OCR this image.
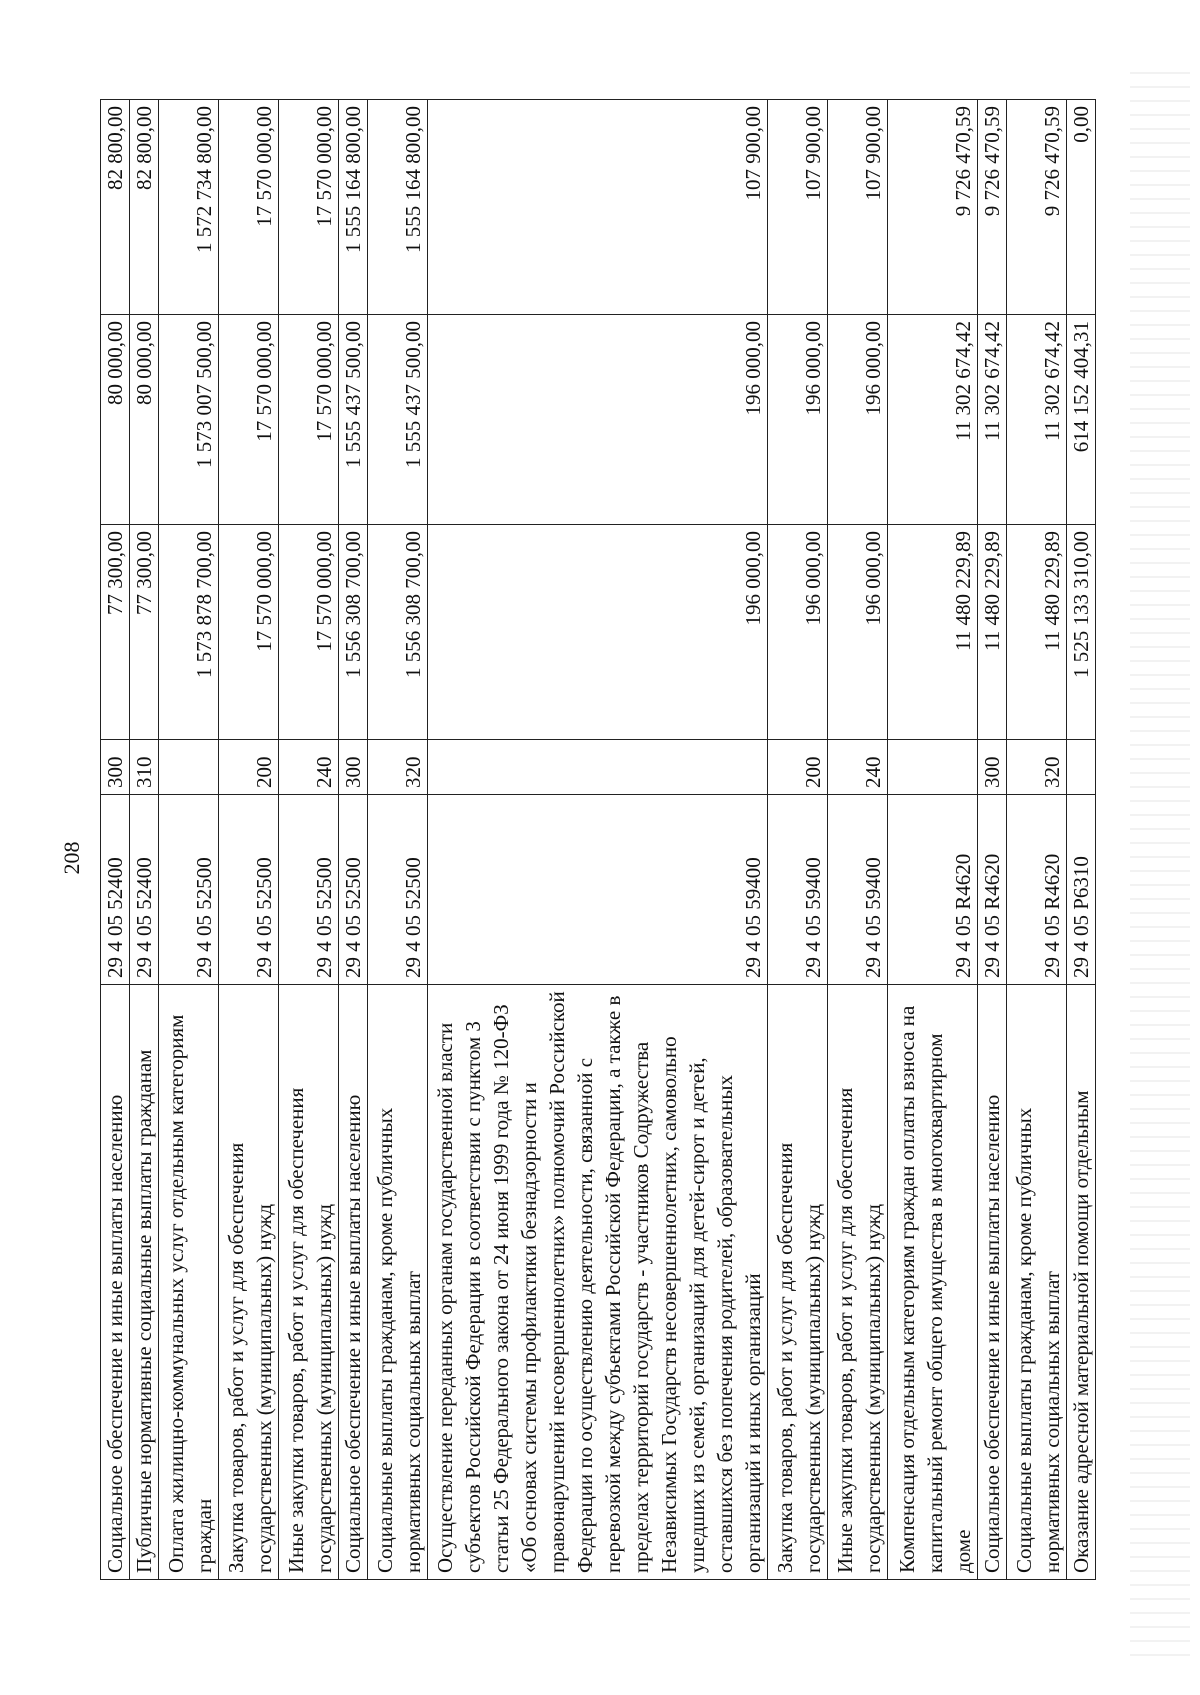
208
Социальное обеспечение и иные выплаты населению	29 4 05 52400	300	77 300,00	80 000,00	82 800,00
Публичные нормативные социальные выплаты гражданам	29 4 05 52400	310	77 300,00	80 000,00	82 800,00
Оплата жилищно-коммунальных услуг отдельным категориям граждан	29 4 05 52500		1 573 878 700,00	1 573 007 500,00	1 572 734 800,00
Закупка товаров, работ и услуг для обеспечения государственных (муниципальных) нужд	29 4 05 52500	200	17 570 000,00	17 570 000,00	17 570 000,00
Иные закупки товаров, работ и услуг для обеспечения государственных (муниципальных) нужд	29 4 05 52500	240	17 570 000,00	17 570 000,00	17 570 000,00
Социальное обеспечение и иные выплаты населению	29 4 05 52500	300	1 556 308 700,00	1 555 437 500,00	1 555 164 800,00
Социальные выплаты гражданам, кроме публичных нормативных социальных выплат	29 4 05 52500	320	1 556 308 700,00	1 555 437 500,00	1 555 164 800,00
Осуществление переданных органам государственной власти субъектов Российской Федерации в соответствии с пунктом 3 статьи 25 Федерального закона от 24 июня 1999 года № 120-ФЗ «Об основах системы профилактики безнадзорности и правонарушений несовершеннолетних» полномочий Российской Федерации по осуществлению деятельности, связанной с перевозкой между субъектами Российской Федерации, а также в пределах территорий государств - участников Содружества Независимых Государств несовершеннолетних, самовольно ушедших из семей, организаций для детей-сирот и детей, оставшихся без попечения родителей, образовательных организаций и иных организаций	29 4 05 59400		196 000,00	196 000,00	107 900,00
Закупка товаров, работ и услуг для обеспечения государственных (муниципальных) нужд	29 4 05 59400	200	196 000,00	196 000,00	107 900,00
Иные закупки товаров, работ и услуг для обеспечения государственных (муниципальных) нужд	29 4 05 59400	240	196 000,00	196 000,00	107 900,00
Компенсация отдельным категориям граждан оплаты взноса на капитальный ремонт общего имущества в многоквартирном доме	29 4 05 R4620		11 480 229,89	11 302 674,42	9 726 470,59
Социальное обеспечение и иные выплаты населению	29 4 05 R4620	300	11 480 229,89	11 302 674,42	9 726 470,59
Социальные выплаты гражданам, кроме публичных нормативных социальных выплат	29 4 05 R4620	320	11 480 229,89	11 302 674,42	9 726 470,59
Оказание адресной материальной помощи отдельным	29 4 05 P6310		1 525 133 310,00	614 152 404,31	0,00
